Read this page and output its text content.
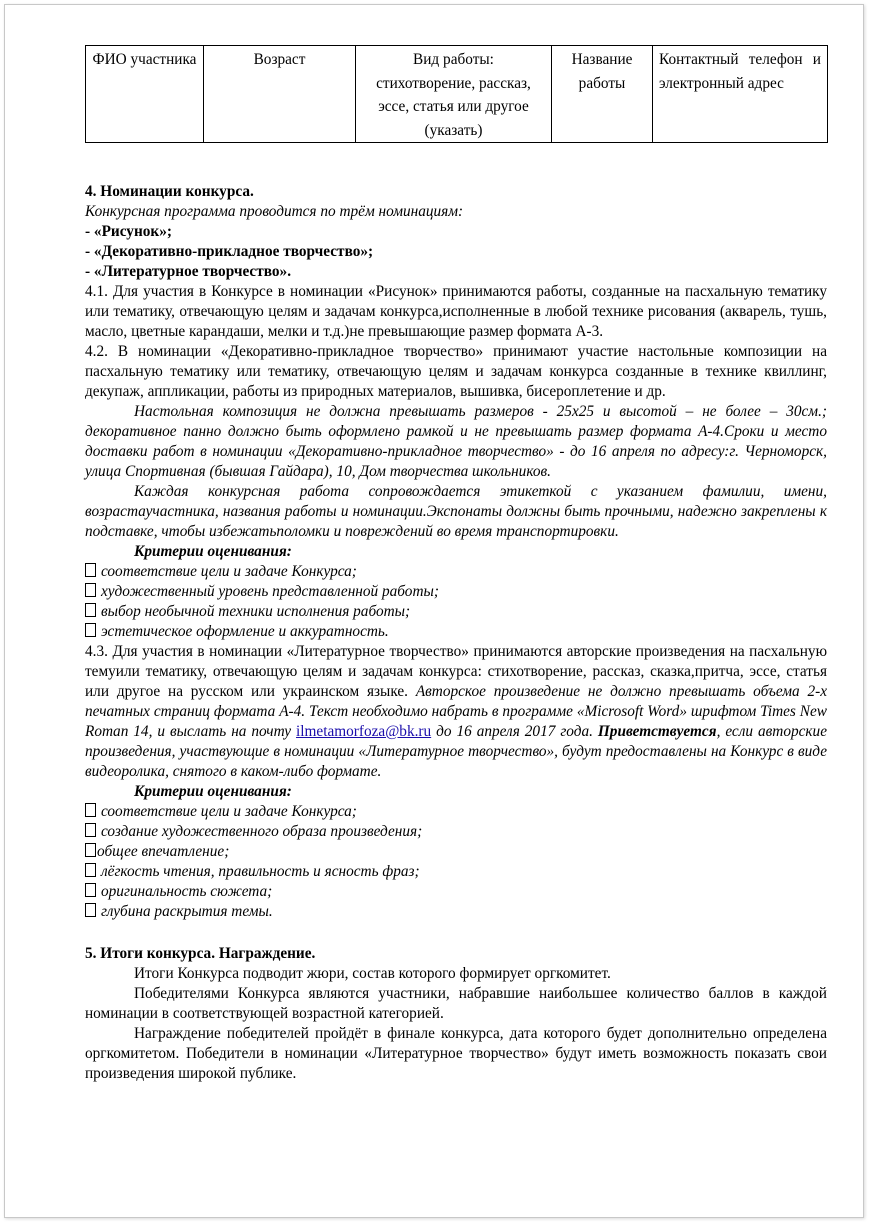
ФИО участника	Возраст	Вид работы: стихотворение, рассказ, эссе, статья или другое (указать)	Название работы	Контактный телефон и электронный адрес

4. Номинации конкурса.

Конкурсная программа проводится по трём номинациям:

- «Рисунок»;

- «Декоративно-прикладное творчество»;

- «Литературное творчество».

4.1. Для участия в Конкурсе в номинации «Рисунок» принимаются работы, созданные на пасхальную тематику или тематику, отвечающую целям и задачам конкурса,исполненные в любой технике рисования (акварель, тушь, масло, цветные карандаши, мелки и т.д.)не превышающие размер формата А-3.

4.2. В номинации «Декоративно-прикладное творчество» принимают участие настольные композиции на пасхальную тематику или тематику, отвечающую целям и задачам конкурса созданные в технике квиллинг, декупаж, аппликации, работы из природных материалов, вышивка, бисероплетение и др.

Настольная композиция не должна превышать размеров - 25х25 и высотой – не более – 30см.; декоративное панно должно быть оформлено рамкой и не превышать размер формата А-4.Сроки и место доставки работ в номинации «Декоративно-прикладное творчество» - до 16 апреля по адресу:г. Черноморск, улица Спортивная (бывшая Гайдара), 10, Дом творчества школьников.

Каждая конкурсная работа сопровождается этикеткой с указанием фамилии, имени, возрастаучастника, названия работы и номинации.Экспонаты должны быть прочными, надежно закреплены к подставке, чтобы избежатьполомки и повреждений во время транспортировки.

Критерии оценивания:

соответствие цели и задаче Конкурса;

художественный уровень представленной работы;

выбор необычной техники исполнения работы;

эстетическое оформление и аккуратность.

4.3. Для участия в номинации «Литературное творчество» принимаются авторские произведения на пасхальную темуили тематику, отвечающую целям и задачам конкурса: стихотворение, рассказ, сказка,притча, эссе, статья или другое на русском или украинском языке. Авторское произведение не должно превышать объема 2-х печатных страниц формата А-4. Текст необходимо набрать в программе «Microsoft Word» шрифтом Times New Roman 14, и выслать на почту ilmetamorfoza@bk.ru до 16 апреля 2017 года. Приветствуется, если авторские произведения, участвующие в номинации «Литературное творчество», будут предоставлены на Конкурс в виде видеоролика, снятого в каком-либо формате.

Критерии оценивания:

соответствие цели и задаче Конкурса;

создание художественного образа произведения;

общее впечатление;

лёгкость чтения, правильность и ясность фраз;

оригинальность сюжета;

глубина раскрытия темы.

5. Итоги конкурса. Награждение.

Итоги Конкурса подводит жюри, состав которого формирует оргкомитет.

Победителями Конкурса являются участники, набравшие наибольшее количество баллов в каждой номинации в соответствующей возрастной категорией.

Награждение победителей пройдёт в финале конкурса, дата которого будет дополнительно определена оргкомитетом. Победители в номинации «Литературное творчество» будут иметь возможность показать свои произведения широкой публике.
